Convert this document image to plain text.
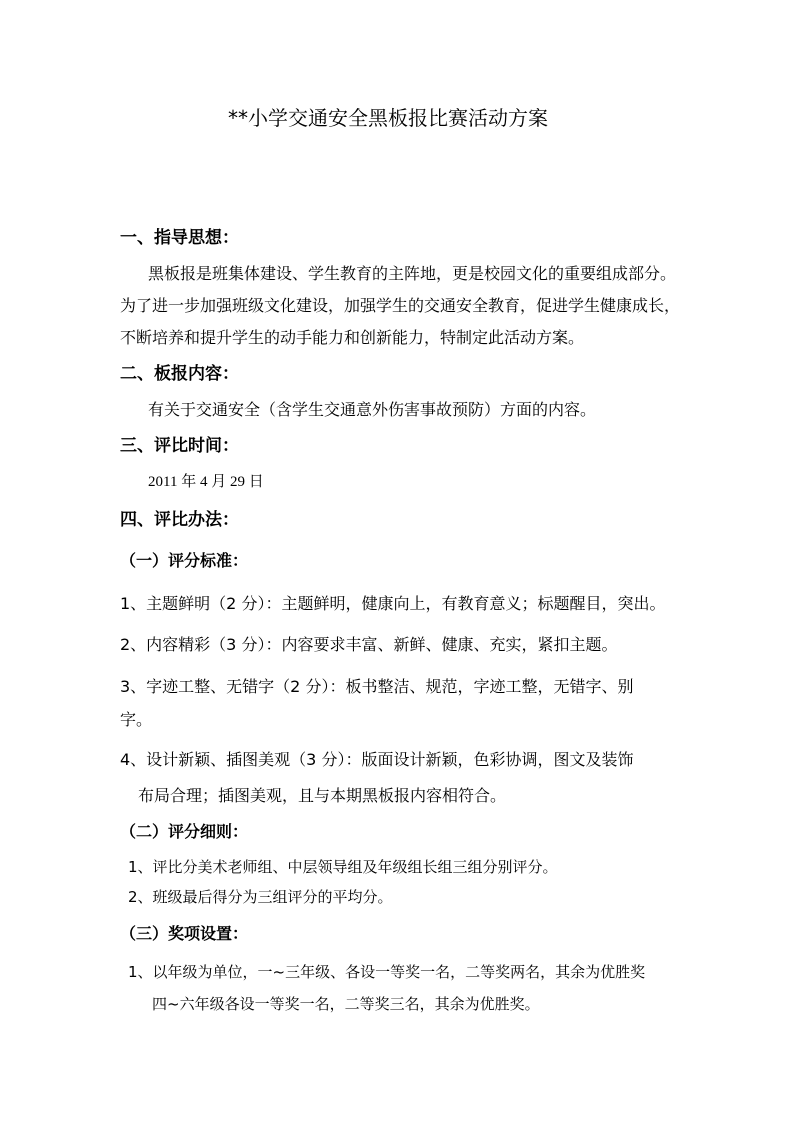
**小学交通安全黑板报比赛活动方案
一、指导思想：
黑板报是班集体建设、学生教育的主阵地，更是校园文化的重要组成部分。
为了进一步加强班级文化建设，加强学生的交通安全教育，促进学生健康成长，
不断培养和提升学生的动手能力和创新能力，特制定此活动方案。
二、板报内容：
有关于交通安全（含学生交通意外伤害事故预防）方面的内容。
三、评比时间：
2011 年 4 月 29 日
四、评比办法：
（一）评分标准：
1、主题鲜明（2 分）：主题鲜明，健康向上，有教育意义；标题醒目，突出。
2、内容精彩（3 分）：内容要求丰富、新鲜、健康、充实，紧扣主题。
3、字迹工整、无错字（2 分）：板书整洁、规范，字迹工整，无错字、别
字。
4、设计新颖、插图美观（3 分）：版面设计新颖，色彩协调，图文及装饰
布局合理；插图美观，且与本期黑板报内容相符合。
（二）评分细则：
1、评比分美术老师组、中层领导组及年级组长组三组分别评分。
2、班级最后得分为三组评分的平均分。
（三）奖项设置：
1、以年级为单位，一~三年级、各设一等奖一名，二等奖两名，其余为优胜奖
四~六年级各设一等奖一名，二等奖三名，其余为优胜奖。
